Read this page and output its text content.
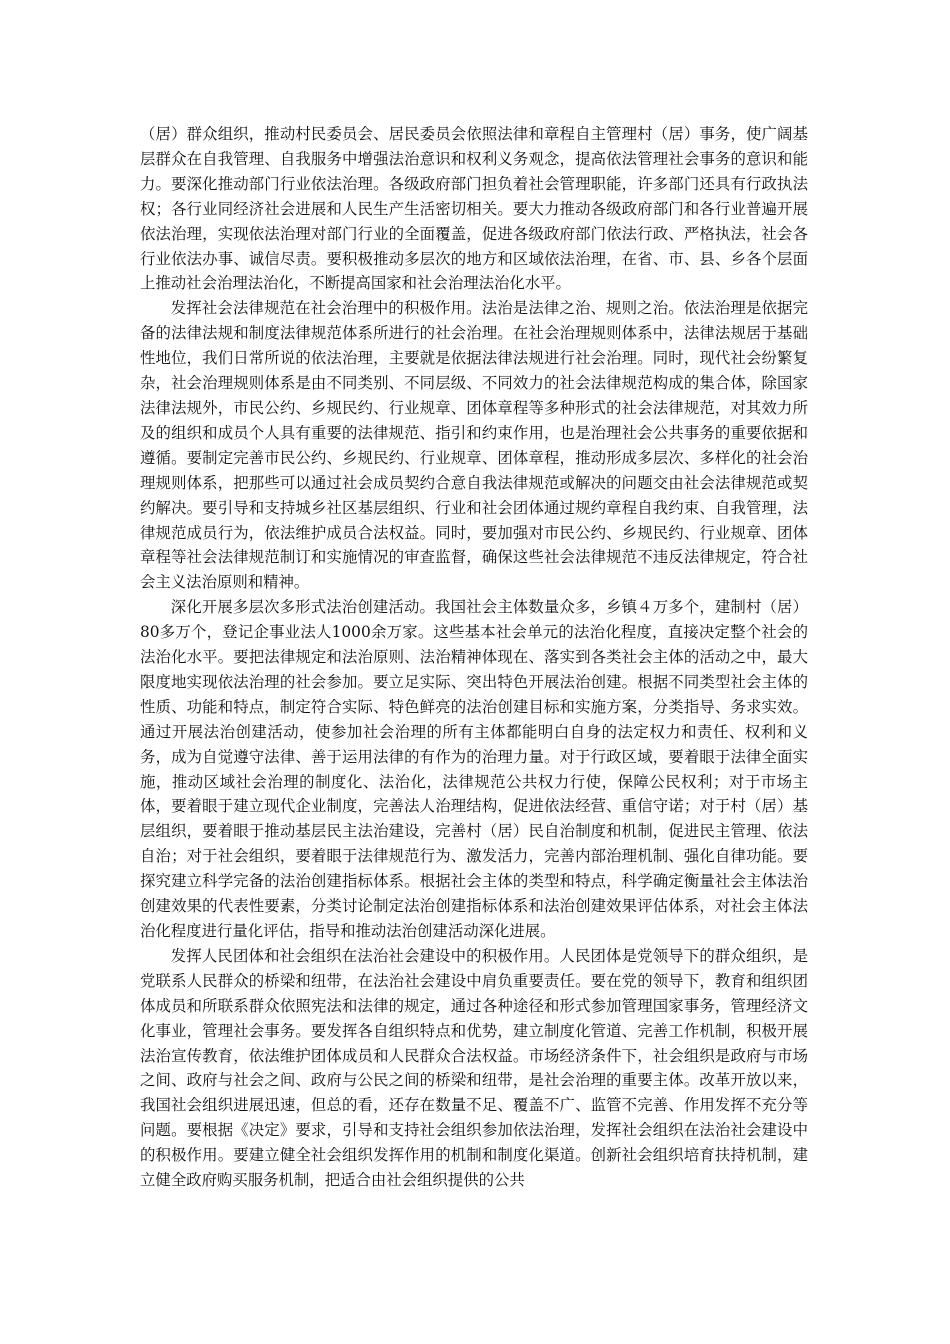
（居）群众组织，推动村民委员会、居民委员会依照法律和章程自主管理村（居）事务，使广阔基层群众在自我管理、自我服务中增强法治意识和权利义务观念，提高依法管理社会事务的意识和能力。要深化推动部门行业依法治理。各级政府部门担负着社会管理职能，许多部门还具有行政执法权；各行业同经济社会进展和人民生产生活密切相关。要大力推动各级政府部门和各行业普遍开展依法治理，实现依法治理对部门行业的全面覆盖，促进各级政府部门依法行政、严格执法，社会各行业依法办事、诚信尽责。要积极推动多层次的地方和区域依法治理，在省、市、县、乡各个层面上推动社会治理法治化，不断提高国家和社会治理法治化水平。

发挥社会法律规范在社会治理中的积极作用。法治是法律之治、规则之治。依法治理是依据完备的法律法规和制度法律规范体系所进行的社会治理。在社会治理规则体系中，法律法规居于基础性地位，我们日常所说的依法治理，主要就是依据法律法规进行社会治理。同时，现代社会纷繁复杂，社会治理规则体系是由不同类别、不同层级、不同效力的社会法律规范构成的集合体，除国家法律法规外，市民公约、乡规民约、行业规章、团体章程等多种形式的社会法律规范，对其效力所及的组织和成员个人具有重要的法律规范、指引和约束作用，也是治理社会公共事务的重要依据和遵循。要制定完善市民公约、乡规民约、行业规章、团体章程，推动形成多层次、多样化的社会治理规则体系，把那些可以通过社会成员契约合意自我法律规范或解决的问题交由社会法律规范或契约解决。要引导和支持城乡社区基层组织、行业和社会团体通过规约章程自我约束、自我管理，法律规范成员行为，依法维护成员合法权益。同时，要加强对市民公约、乡规民约、行业规章、团体章程等社会法律规范制订和实施情况的审查监督，确保这些社会法律规范不违反法律规定，符合社会主义法治原则和精神。

深化开展多层次多形式法治创建活动。我国社会主体数量众多，乡镇４万多个，建制村（居）80多万个，登记企事业法人1000余万家。这些基本社会单元的法治化程度，直接决定整个社会的法治化水平。要把法律规定和法治原则、法治精神体现在、落实到各类社会主体的活动之中，最大限度地实现依法治理的社会参加。要立足实际、突出特色开展法治创建。根据不同类型社会主体的性质、功能和特点，制定符合实际、特色鲜亮的法治创建目标和实施方案，分类指导、务求实效。通过开展法治创建活动，使参加社会治理的所有主体都能明白自身的法定权力和责任、权利和义务，成为自觉遵守法律、善于运用法律的有作为的治理力量。对于行政区域，要着眼于法律全面实施，推动区域社会治理的制度化、法治化，法律规范公共权力行使，保障公民权利；对于市场主体，要着眼于建立现代企业制度，完善法人治理结构，促进依法经营、重信守诺；对于村（居）基层组织，要着眼于推动基层民主法治建设，完善村（居）民自治制度和机制，促进民主管理、依法自治；对于社会组织，要着眼于法律规范行为、激发活力，完善内部治理机制、强化自律功能。要探究建立科学完备的法治创建指标体系。根据社会主体的类型和特点，科学确定衡量社会主体法治创建效果的代表性要素，分类讨论制定法治创建指标体系和法治创建效果评估体系，对社会主体法治化程度进行量化评估，指导和推动法治创建活动深化进展。

发挥人民团体和社会组织在法治社会建设中的积极作用。人民团体是党领导下的群众组织，是党联系人民群众的桥梁和纽带，在法治社会建设中肩负重要责任。要在党的领导下，教育和组织团体成员和所联系群众依照宪法和法律的规定，通过各种途径和形式参加管理国家事务，管理经济文化事业，管理社会事务。要发挥各自组织特点和优势，建立制度化管道、完善工作机制，积极开展法治宣传教育，依法维护团体成员和人民群众合法权益。市场经济条件下，社会组织是政府与市场之间、政府与社会之间、政府与公民之间的桥梁和纽带，是社会治理的重要主体。改革开放以来，我国社会组织进展迅速，但总的看，还存在数量不足、覆盖不广、监管不完善、作用发挥不充分等问题。要根据《决定》要求，引导和支持社会组织参加依法治理，发挥社会组织在法治社会建设中的积极作用。要建立健全社会组织发挥作用的机制和制度化渠道。创新社会组织培育扶持机制，建立健全政府购买服务机制，把适合由社会组织提供的公共
